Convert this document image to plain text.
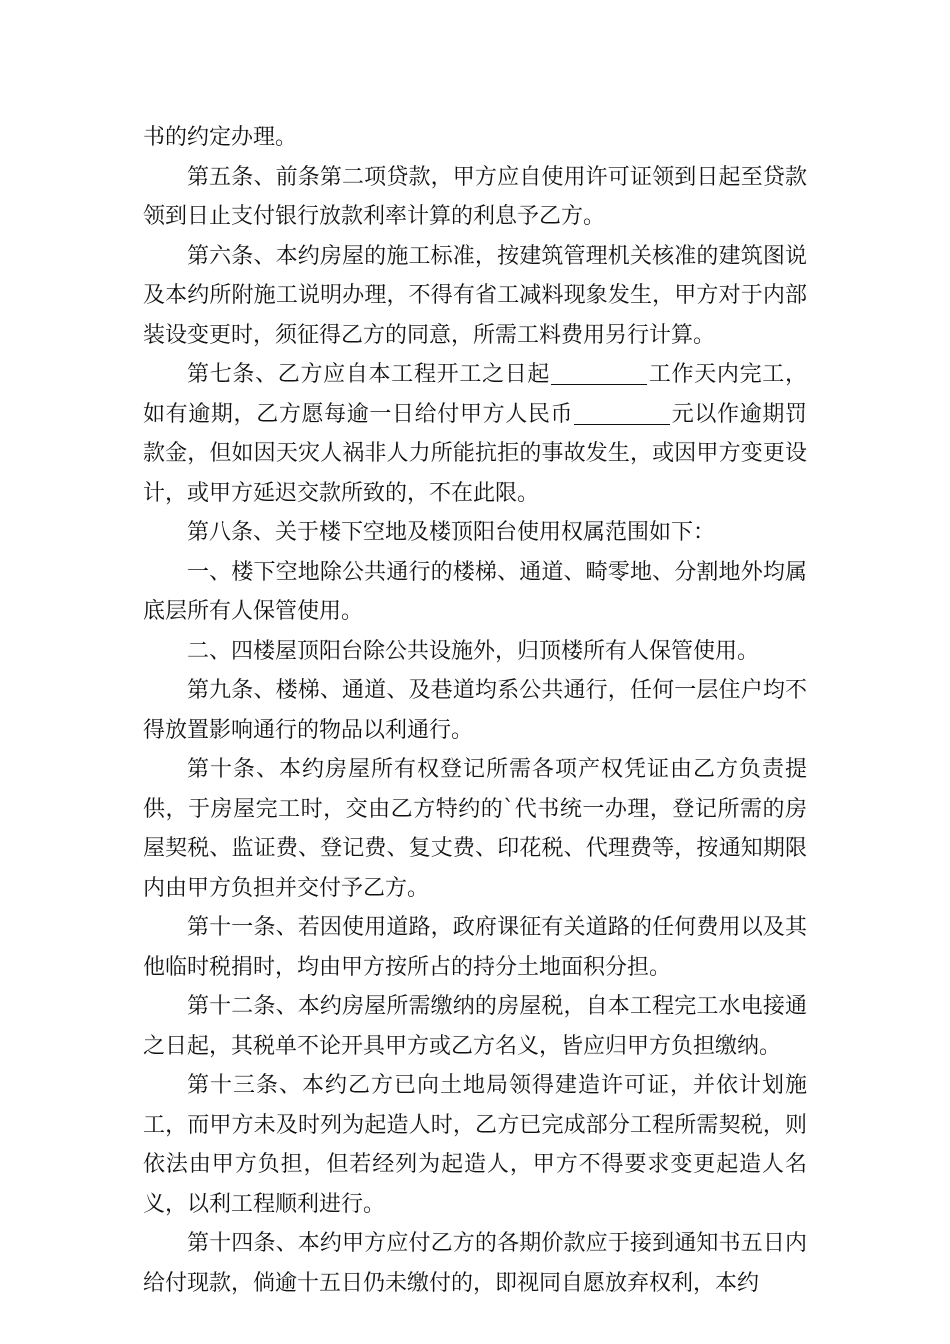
书的约定办理。

第五条、前条第二项贷款，甲方应自使用许可证领到日起至贷款领到日止支付银行放款利率计算的利息予乙方。

第六条、本约房屋的施工标准，按建筑管理机关核准的建筑图说及本约所附施工说明办理，不得有省工减料现象发生，甲方对于内部装设变更时，须征得乙方的同意，所需工料费用另行计算。

第七条、乙方应自本工程开工之日起	工作天内完工，如有逾期，乙方愿每逾一日给付甲方人民币	元以作逾期罚款金，但如因天灾人祸非人力所能抗拒的事故发生，或因甲方变更设计，或甲方延迟交款所致的，不在此限。

第八条、关于楼下空地及楼顶阳台使用权属范围如下：

一、楼下空地除公共通行的楼梯、通道、畸零地、分割地外均属底层所有人保管使用。

二、四楼屋顶阳台除公共设施外，归顶楼所有人保管使用。

第九条、楼梯、通道、及巷道均系公共通行，任何一层住户均不得放置影响通行的物品以利通行。

第十条、本约房屋所有权登记所需各项产权凭证由乙方负责提供，于房屋完工时，交由乙方特约的`代书统一办理，登记所需的房屋契税、监证费、登记费、复丈费、印花税、代理费等，按通知期限内由甲方负担并交付予乙方。

第十一条、若因使用道路，政府课征有关道路的任何费用以及其他临时税捐时，均由甲方按所占的持分土地面积分担。

第十二条、本约房屋所需缴纳的房屋税，自本工程完工水电接通之日起，其税单不论开具甲方或乙方名义，皆应归甲方负担缴纳。

第十三条、本约乙方已向土地局领得建造许可证，并依计划施工，而甲方未及时列为起造人时，乙方已完成部分工程所需契税，则依法由甲方负担，但若经列为起造人，甲方不得要求变更起造人名义，以利工程顺利进行。

第十四条、本约甲方应付乙方的各期价款应于接到通知书五日内给付现款，倘逾十五日仍未缴付的，即视同自愿放弃权利，本约
